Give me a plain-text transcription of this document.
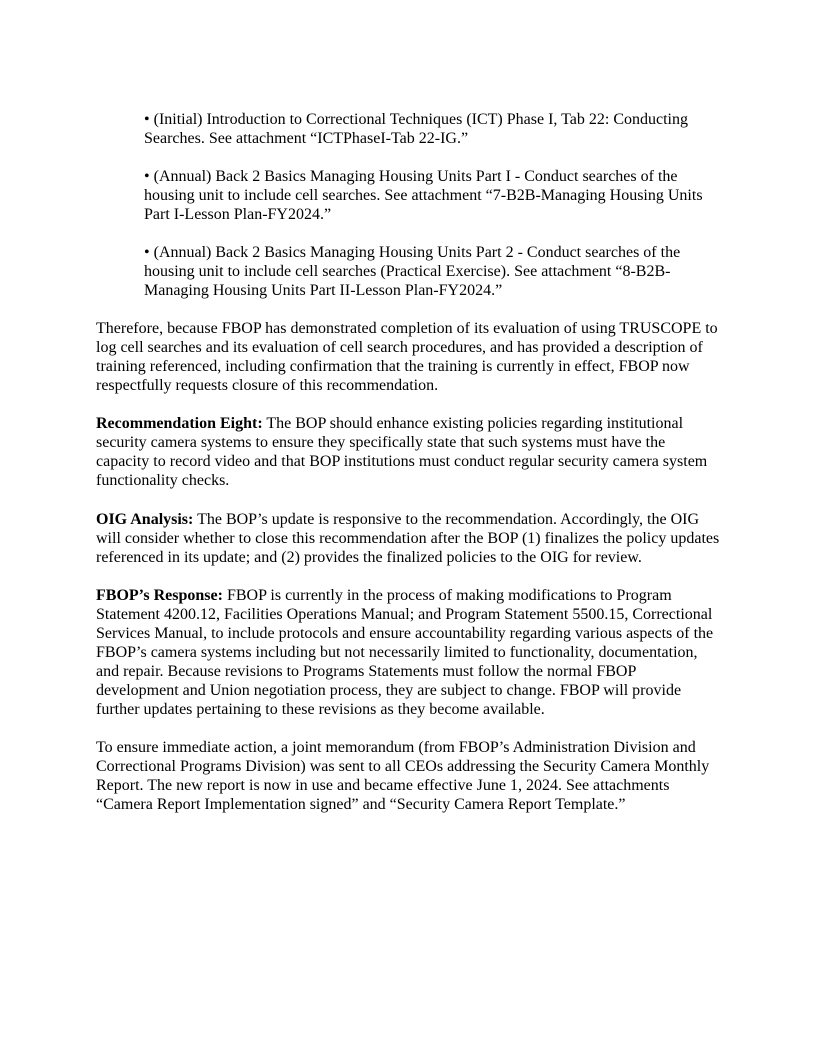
• (Initial) Introduction to Correctional Techniques (ICT) Phase I, Tab 22: Conducting Searches. See attachment “ICTPhaseI-Tab 22-IG.”

• (Annual) Back 2 Basics Managing Housing Units Part I - Conduct searches of the housing unit to include cell searches. See attachment “7-B2B-Managing Housing Units Part I-Lesson Plan-FY2024.”

• (Annual) Back 2 Basics Managing Housing Units Part 2 - Conduct searches of the housing unit to include cell searches (Practical Exercise). See attachment “8-B2B-Managing Housing Units Part II-Lesson Plan-FY2024.”

Therefore, because FBOP has demonstrated completion of its evaluation of using TRUSCOPE to log cell searches and its evaluation of cell search procedures, and has provided a description of training referenced, including confirmation that the training is currently in effect, FBOP now respectfully requests closure of this recommendation.

Recommendation Eight: The BOP should enhance existing policies regarding institutional security camera systems to ensure they specifically state that such systems must have the capacity to record video and that BOP institutions must conduct regular security camera system functionality checks.

OIG Analysis: The BOP’s update is responsive to the recommendation. Accordingly, the OIG will consider whether to close this recommendation after the BOP (1) finalizes the policy updates referenced in its update; and (2) provides the finalized policies to the OIG for review.

FBOP’s Response: FBOP is currently in the process of making modifications to Program Statement 4200.12, Facilities Operations Manual; and Program Statement 5500.15, Correctional Services Manual, to include protocols and ensure accountability regarding various aspects of the FBOP’s camera systems including but not necessarily limited to functionality, documentation, and repair. Because revisions to Programs Statements must follow the normal FBOP development and Union negotiation process, they are subject to change. FBOP will provide further updates pertaining to these revisions as they become available.

To ensure immediate action, a joint memorandum (from FBOP’s Administration Division and Correctional Programs Division) was sent to all CEOs addressing the Security Camera Monthly Report. The new report is now in use and became effective June 1, 2024. See attachments “Camera Report Implementation signed” and “Security Camera Report Template.”
